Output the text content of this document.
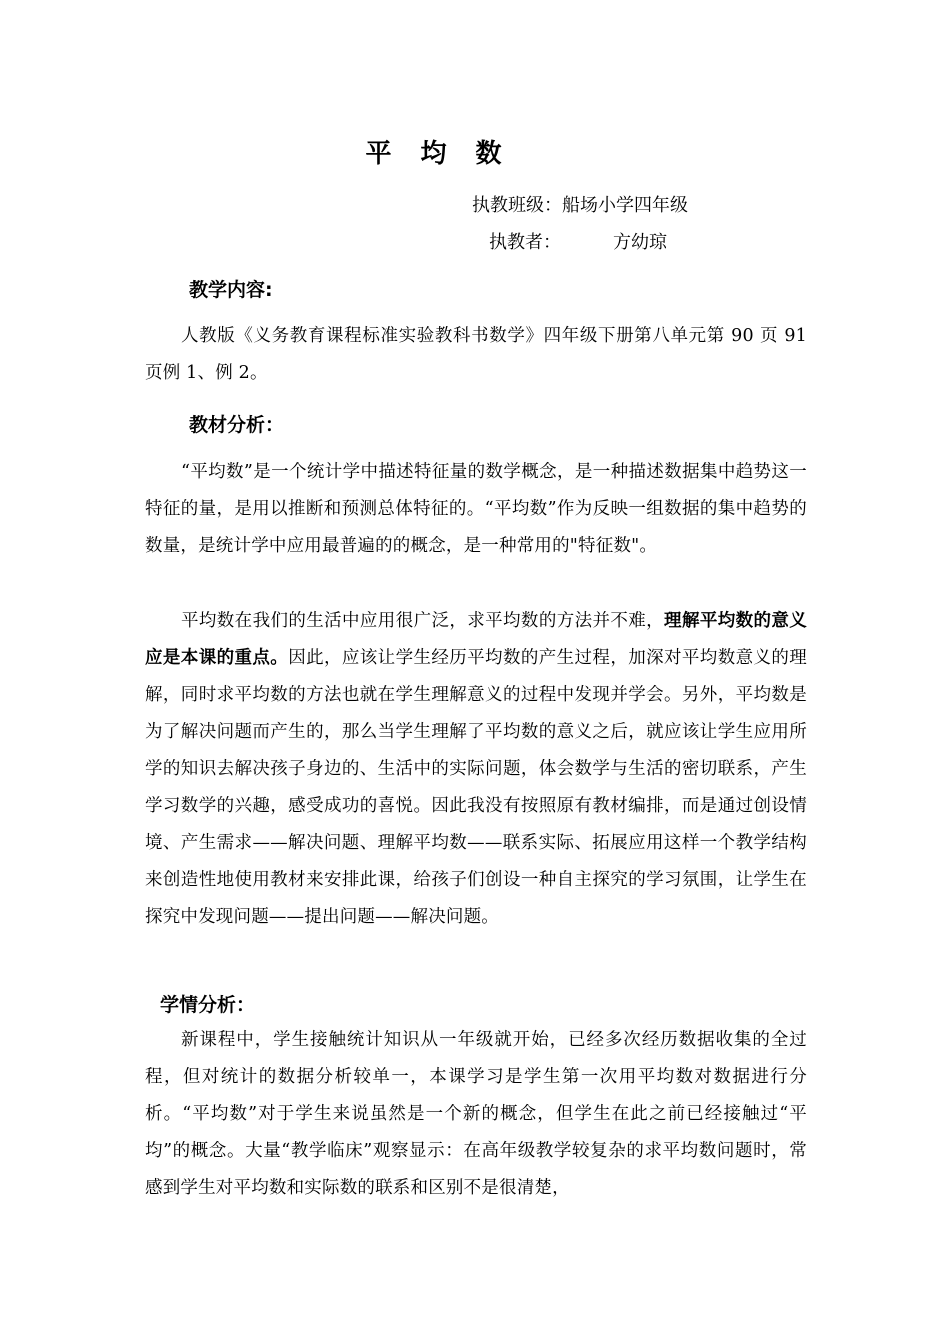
平 均 数
执教班级：船场小学四年级
执教者：	方幼琼
教学内容:
人教版《义务教育课程标准实验教科书数学》四年级下册第八单元第 90 页 91 页例 1、例 2。
教材分析：
“平均数”是一个统计学中描述特征量的数学概念，是一种描述数据集中趋势这一特征的量，是用以推断和预测总体特征的。“平均数”作为反映一组数据的集中趋势的数量，是统计学中应用最普遍的的概念，是一种常用的"特征数"。
平均数在我们的生活中应用很广泛，求平均数的方法并不难，理解平均数的意义应是本课的重点。因此，应该让学生经历平均数的产生过程，加深对平均数意义的理解，同时求平均数的方法也就在学生理解意义的过程中发现并学会。另外，平均数是为了解决问题而产生的，那么当学生理解了平均数的意义之后，就应该让学生应用所学的知识去解决孩子身边的、生活中的实际问题，体会数学与生活的密切联系，产生学习数学的兴趣，感受成功的喜悦。因此我没有按照原有教材编排，而是通过创设情境、产生需求——解决问题、理解平均数——联系实际、拓展应用这样一个教学结构来创造性地使用教材来安排此课，给孩子们创设一种自主探究的学习氛围，让学生在探究中发现问题——提出问题——解决问题。
学情分析：
新课程中，学生接触统计知识从一年级就开始，已经多次经历数据收集的全过程，但对统计的数据分析较单一，本课学习是学生第一次用平均数对数据进行分析。“平均数”对于学生来说虽然是一个新的概念，但学生在此之前已经接触过“平均”的概念。大量“教学临床”观察显示：在高年级教学较复杂的求平均数问题时，常感到学生对平均数和实际数的联系和区别不是很清楚，
